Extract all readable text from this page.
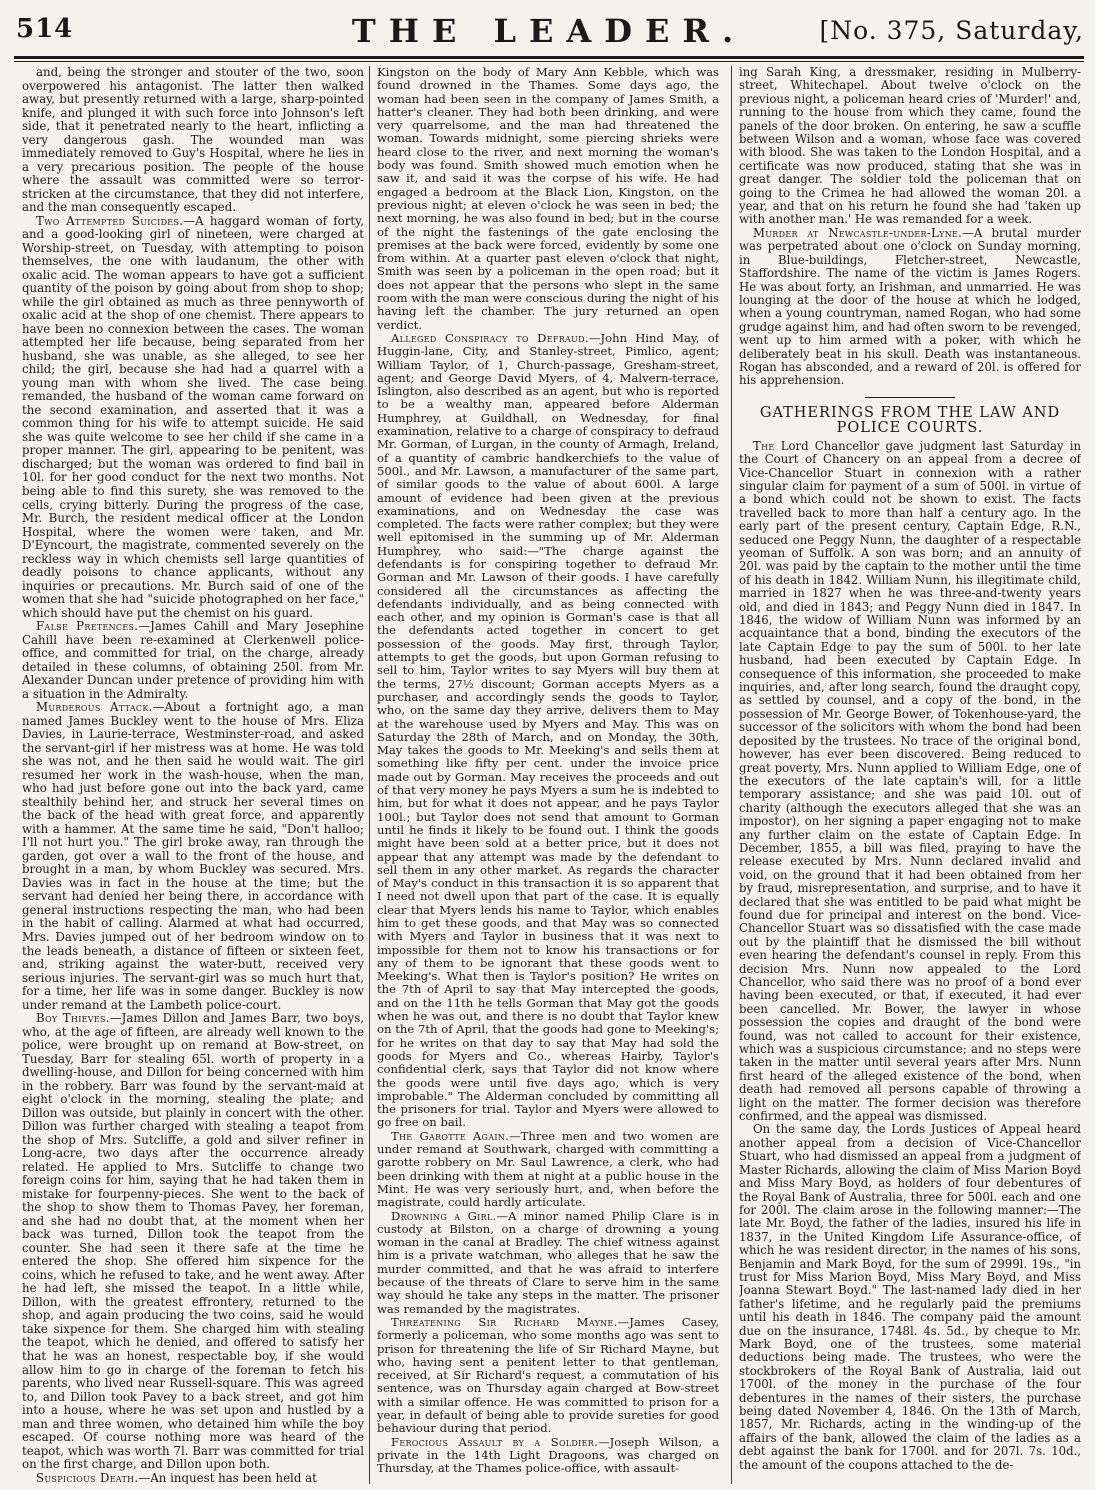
514	THE LEADER.	[No. 375, Saturday,

and, being the stronger and stouter of the two, soon overpowered his antagonist. The latter then walked away, but presently returned with a large, sharp-pointed knife, and plunged it with such force into Johnson's left side, that it penetrated nearly to the heart, inflicting a very dangerous gash. The wounded man was immediately removed to Guy's Hospital, where he lies in a very precarious position. The people of the house where the assault was committed were so terror-stricken at the circumstance, that they did not interfere, and the man consequently escaped.

Two Attempted Suicides.—A haggard woman of forty, and a good-looking girl of nineteen, were charged at Worship-street, on Tuesday, with attempting to poison themselves, the one with laudanum, the other with oxalic acid. The woman appears to have got a sufficient quantity of the poison by going about from shop to shop; while the girl obtained as much as three pennyworth of oxalic acid at the shop of one chemist. There appears to have been no connexion between the cases. The woman attempted her life because, being separated from her husband, she was unable, as she alleged, to see her child; the girl, because she had had a quarrel with a young man with whom she lived. The case being remanded, the husband of the woman came forward on the second examination, and asserted that it was a common thing for his wife to attempt suicide. He said she was quite welcome to see her child if she came in a proper manner. The girl, appearing to be penitent, was discharged; but the woman was ordered to find bail in 10l. for her good conduct for the next two months. Not being able to find this surety, she was removed to the cells, crying bitterly. During the progress of the case, Mr. Burch, the resident medical officer at the London Hospital, where the women were taken, and Mr. D'Eyncourt, the magistrate, commented severely on the reckless way in which chemists sell large quantities of deadly poisons to chance applicants, without any inquiries or precautions. Mr. Burch said of one of the women that she had "suicide photographed on her face," which should have put the chemist on his guard.

False Pretences.—James Cahill and Mary Josephine Cahill have been re-examined at Clerkenwell police-office, and committed for trial, on the charge, already detailed in these columns, of obtaining 250l. from Mr. Alexander Duncan under pretence of providing him with a situation in the Admiralty.

Murderous Attack.—About a fortnight ago, a man named James Buckley went to the house of Mrs. Eliza Davies, in Laurie-terrace, Westminster-road, and asked the servant-girl if her mistress was at home. He was told she was not, and he then said he would wait. The girl resumed her work in the wash-house, when the man, who had just before gone out into the back yard, came stealthily behind her, and struck her several times on the back of the head with great force, and apparently with a hammer. At the same time he said, "Don't halloo; I'll not hurt you." The girl broke away, ran through the garden, got over a wall to the front of the house, and brought in a man, by whom Buckley was secured. Mrs. Davies was in fact in the house at the time; but the servant had denied her being there, in accordance with general instructions respecting the man, who had been in the habit of calling. Alarmed at what had occurred, Mrs. Davies jumped out of her bedroom window on to the leads beneath, a distance of fifteen or sixteen feet, and, striking against the water-butt, received very serious injuries. The servant-girl was so much hurt that, for a time, her life was in some danger. Buckley is now under remand at the Lambeth police-court.

Boy Thieves.—James Dillon and James Barr, two boys, who, at the age of fifteen, are already well known to the police, were brought up on remand at Bow-street, on Tuesday, Barr for stealing 65l. worth of property in a dwelling-house, and Dillon for being concerned with him in the robbery. Barr was found by the servant-maid at eight o'clock in the morning, stealing the plate; and Dillon was outside, but plainly in concert with the other. Dillon was further charged with stealing a teapot from the shop of Mrs. Sutcliffe, a gold and silver refiner in Long-acre, two days after the occurrence already related. He applied to Mrs. Sutcliffe to change two foreign coins for him, saying that he had taken them in mistake for fourpenny-pieces. She went to the back of the shop to show them to Thomas Pavey, her foreman, and she had no doubt that, at the moment when her back was turned, Dillon took the teapot from the counter. She had seen it there safe at the time he entered the shop. She offered him sixpence for the coins, which he refused to take, and he went away. After he had left, she missed the teapot. In a little while, Dillon, with the greatest effrontery, returned to the shop, and again producing the two coins, said he would take sixpence for them. She charged him with stealing the teapot, which he denied, and offered to satisfy her that he was an honest, respectable boy, if she would allow him to go in charge of the foreman to fetch his parents, who lived near Russell-square. This was agreed to, and Dillon took Pavey to a back street, and got him into a house, where he was set upon and hustled by a man and three women, who detained him while the boy escaped. Of course nothing more was heard of the teapot, which was worth 7l. Barr was committed for trial on the first charge, and Dillon upon both.

Suspicious Death.—An inquest has been held at

Kingston on the body of Mary Ann Kebble, which was found drowned in the Thames. Some days ago, the woman had been seen in the company of James Smith, a hatter's cleaner. They had both been drinking, and were very quarrelsome, and the man had threatened the woman. Towards midnight, some piercing shrieks were heard close to the river, and next morning the woman's body was found. Smith showed much emotion when he saw it, and said it was the corpse of his wife. He had engaged a bedroom at the Black Lion, Kingston, on the previous night; at eleven o'clock he was seen in bed; the next morning, he was also found in bed; but in the course of the night the fastenings of the gate enclosing the premises at the back were forced, evidently by some one from within. At a quarter past eleven o'clock that night, Smith was seen by a policeman in the open road; but it does not appear that the persons who slept in the same room with the man were conscious during the night of his having left the chamber. The jury returned an open verdict.

Alleged Conspiracy to Defraud.—John Hind May, of Huggin-lane, City, and Stanley-street, Pimlico, agent; William Taylor, of 1, Church-passage, Gresham-street, agent; and George David Myers, of 4, Malvern-terrace, Islington, also described as an agent, but who is reported to be a wealthy man, appeared before Alderman Humphrey, at Guildhall, on Wednesday, for final examination, relative to a charge of conspiracy to defraud Mr. Gorman, of Lurgan, in the county of Armagh, Ireland, of a quantity of cambric handkerchiefs to the value of 500l., and Mr. Lawson, a manufacturer of the same part, of similar goods to the value of about 600l. A large amount of evidence had been given at the previous examinations, and on Wednesday the case was completed. The facts were rather complex; but they were well epitomised in the summing up of Mr. Alderman Humphrey, who said:—"The charge against the defendants is for conspiring together to defraud Mr. Gorman and Mr. Lawson of their goods. I have carefully considered all the circumstances as affecting the defendants individually, and as being connected with each other, and my opinion is Gorman's case is that all the defendants acted together in concert to get possession of the goods. May first, through Taylor, attempts to get the goods, but upon Gorman refusing to sell to him, Taylor writes to say Myers will buy them at the terms, 27½ discount; Gorman accepts Myers as a purchaser, and accordingly sends the goods to Taylor, who, on the same day they arrive, delivers them to May at the warehouse used by Myers and May. This was on Saturday the 28th of March, and on Monday, the 30th, May takes the goods to Mr. Meeking's and sells them at something like fifty per cent. under the invoice price made out by Gorman. May receives the proceeds and out of that very money he pays Myers a sum he is indebted to him, but for what it does not appear, and he pays Taylor 100l.; but Taylor does not send that amount to Gorman until he finds it likely to be found out. I think the goods might have been sold at a better price, but it does not appear that any attempt was made by the defendant to sell them in any other market. As regards the character of May's conduct in this transaction it is so apparent that I need not dwell upon that part of the case. It is equally clear that Myers lends his name to Taylor, which enables him to get these goods, and that May was so connected with Myers and Taylor in business that it was next to impossible for them not to know his transactions or for any of them to be ignorant that these goods went to Meeking's. What then is Taylor's position? He writes on the 7th of April to say that May intercepted the goods, and on the 11th he tells Gorman that May got the goods when he was out, and there is no doubt that Taylor knew on the 7th of April, that the goods had gone to Meeking's; for he writes on that day to say that May had sold the goods for Myers and Co., whereas Hairby, Taylor's confidential clerk, says that Taylor did not know where the goods were until five days ago, which is very improbable." The Alderman concluded by committing all the prisoners for trial. Taylor and Myers were allowed to go free on bail.

The Garotte Again.—Three men and two women are under remand at Southwark, charged with committing a garotte robbery on Mr. Saul Lawrence, a clerk, who had been drinking with them at night at a public house in the Mint. He was very seriously hurt, and, when before the magistrate, could hardly articulate.

Drowning a Girl.—A minor named Philip Clare is in custody at Bilston, on a charge of drowning a young woman in the canal at Bradley. The chief witness against him is a private watchman, who alleges that he saw the murder committed, and that he was afraid to interfere because of the threats of Clare to serve him in the same way should he take any steps in the matter. The prisoner was remanded by the magistrates.

Threatening Sir Richard Mayne.—James Casey, formerly a policeman, who some months ago was sent to prison for threatening the life of Sir Richard Mayne, but who, having sent a penitent letter to that gentleman, received, at Sir Richard's request, a commutation of his sentence, was on Thursday again charged at Bow-street with a similar offence. He was committed to prison for a year, in default of being able to provide sureties for good behaviour during that period.

Ferocious Assault by a Soldier.—Joseph Wilson, a private in the 14th Light Dragoons, was charged on Thursday, at the Thames police-office, with assault-

ing Sarah King, a dressmaker, residing in Mulberry-street, Whitechapel. About twelve o'clock on the previous night, a policeman heard cries of 'Murder!' and, running to the house from which they came, found the panels of the door broken. On entering, he saw a scuffle between Wilson and a woman, whose face was covered with blood. She was taken to the London Hospital, and a certificate was now produced, stating that she was in great danger. The soldier told the policeman that on going to the Crimea he had allowed the woman 20l. a year, and that on his return he found she had 'taken up with another man.' He was remanded for a week.

Murder at Newcastle-under-Lyne.—A brutal murder was perpetrated about one o'clock on Sunday morning, in Blue-buildings, Fletcher-street, Newcastle, Staffordshire. The name of the victim is James Rogers. He was about forty, an Irishman, and unmarried. He was lounging at the door of the house at which he lodged, when a young countryman, named Rogan, who had some grudge against him, and had often sworn to be revenged, went up to him armed with a poker, with which he deliberately beat in his skull. Death was instantaneous. Rogan has absconded, and a reward of 20l. is offered for his apprehension.

GATHERINGS FROM THE LAW AND
POLICE COURTS.

The Lord Chancellor gave judgment last Saturday in the Court of Chancery on an appeal from a decree of Vice-Chancellor Stuart in connexion with a rather singular claim for payment of a sum of 500l. in virtue of a bond which could not be shown to exist. The facts travelled back to more than half a century ago. In the early part of the present century, Captain Edge, R.N., seduced one Peggy Nunn, the daughter of a respectable yeoman of Suffolk. A son was born; and an annuity of 20l. was paid by the captain to the mother until the time of his death in 1842. William Nunn, his illegitimate child, married in 1827 when he was three-and-twenty years old, and died in 1843; and Peggy Nunn died in 1847. In 1846, the widow of William Nunn was informed by an acquaintance that a bond, binding the executors of the late Captain Edge to pay the sum of 500l. to her late husband, had been executed by Captain Edge. In consequence of this information, she proceeded to make inquiries, and, after long search, found the draught copy, as settled by counsel, and a copy of the bond, in the possession of Mr. George Bower, of Tokenhouse-yard, the successor of the solicitors with whom the bond had been deposited by the trustees. No trace of the original bond, however, has ever been discovered. Being reduced to great poverty, Mrs. Nunn applied to William Edge, one of the executors of the late captain's will, for a little temporary assistance; and she was paid 10l. out of charity (although the executors alleged that she was an impostor), on her signing a paper engaging not to make any further claim on the estate of Captain Edge. In December, 1855, a bill was filed, praying to have the release executed by Mrs. Nunn declared invalid and void, on the ground that it had been obtained from her by fraud, misrepresentation, and surprise, and to have it declared that she was entitled to be paid what might be found due for principal and interest on the bond. Vice-Chancellor Stuart was so dissatisfied with the case made out by the plaintiff that he dismissed the bill without even hearing the defendant's counsel in reply. From this decision Mrs. Nunn now appealed to the Lord Chancellor, who said there was no proof of a bond ever having been executed, or that, if executed, it had ever been cancelled. Mr. Bower, the lawyer in whose possession the copies and draught of the bond were found, was not called to account for their existence, which was a suspicious circumstance; and no steps were taken in the matter until several years after Mrs. Nunn first heard of the alleged existence of the bond, when death had removed all persons capable of throwing a light on the matter. The former decision was therefore confirmed, and the appeal was dismissed.

On the same day, the Lords Justices of Appeal heard another appeal from a decision of Vice-Chancellor Stuart, who had dismissed an appeal from a judgment of Master Richards, allowing the claim of Miss Marion Boyd and Miss Mary Boyd, as holders of four debentures of the Royal Bank of Australia, three for 500l. each and one for 200l. The claim arose in the following manner:—The late Mr. Boyd, the father of the ladies, insured his life in 1837, in the United Kingdom Life Assurance-office, of which he was resident director, in the names of his sons, Benjamin and Mark Boyd, for the sum of 2999l. 19s., "in trust for Miss Marion Boyd, Miss Mary Boyd, and Miss Joanna Stewart Boyd." The last-named lady died in her father's lifetime, and he regularly paid the premiums until his death in 1846. The company paid the amount due on the insurance, 1748l. 4s. 5d., by cheque to Mr. Mark Boyd, one of the trustees, some material deductions being made. The trustees, who were the stockbrokers of the Royal Bank of Australia, laid out 1700l. of the money in the purchase of the four debentures in the names of their sisters, the purchase being dated November 4, 1846. On the 13th of March, 1857, Mr. Richards, acting in the winding-up of the affairs of the bank, allowed the claim of the ladies as a debt against the bank for 1700l. and for 207l. 7s. 10d., the amount of the coupons attached to the de-
